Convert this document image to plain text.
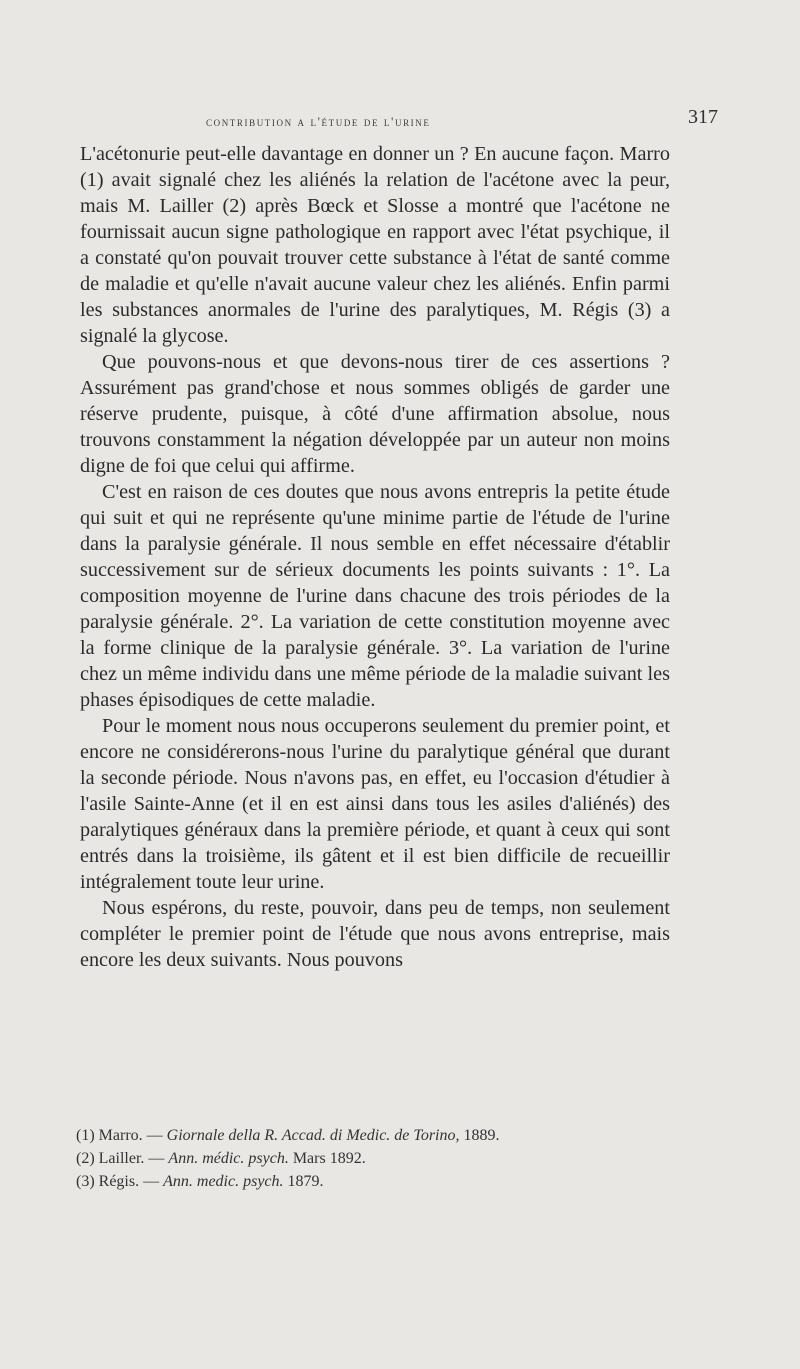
contribution a l'étude de l'urine	317

L'acétonurie peut-elle davantage en donner un ? En aucune façon. Marro (1) avait signalé chez les aliénés la relation de l'acétone avec la peur, mais M. Lailler (2) après Bœck et Slosse a montré que l'acétone ne fournissait aucun signe pathologique en rapport avec l'état psychique, il a constaté qu'on pouvait trouver cette substance à l'état de santé comme de maladie et qu'elle n'avait aucune valeur chez les aliénés. Enfin parmi les substances anormales de l'urine des paralytiques, M. Régis (3) a signalé la glycose.

Que pouvons-nous et que devons-nous tirer de ces assertions ? Assurément pas grand'chose et nous sommes obligés de garder une réserve prudente, puisque, à côté d'une affirmation absolue, nous trouvons constamment la négation développée par un auteur non moins digne de foi que celui qui affirme.

C'est en raison de ces doutes que nous avons entrepris la petite étude qui suit et qui ne représente qu'une minime partie de l'étude de l'urine dans la paralysie générale. Il nous semble en effet nécessaire d'établir successivement sur de sérieux documents les points suivants : 1°. La composition moyenne de l'urine dans chacune des trois périodes de la paralysie générale. 2°. La variation de cette constitution moyenne avec la forme clinique de la paralysie générale. 3°. La variation de l'urine chez un même individu dans une même période de la maladie suivant les phases épisodiques de cette maladie.

Pour le moment nous nous occuperons seulement du premier point, et encore ne considérerons-nous l'urine du paralytique général que durant la seconde période. Nous n'avons pas, en effet, eu l'occasion d'étudier à l'asile Sainte-Anne (et il en est ainsi dans tous les asiles d'aliénés) des paralytiques généraux dans la première période, et quant à ceux qui sont entrés dans la troisième, ils gâtent et il est bien difficile de recueillir intégralement toute leur urine.

Nous espérons, du reste, pouvoir, dans peu de temps, non seulement compléter le premier point de l'étude que nous avons entreprise, mais encore les deux suivants. Nous pouvons

(1) Marro. — Giornale della R. Accad. di Medic. de Torino, 1889.

(2) Lailler. — Ann. médic. psych. Mars 1892.

(3) Régis. — Ann. medic. psych. 1879.
